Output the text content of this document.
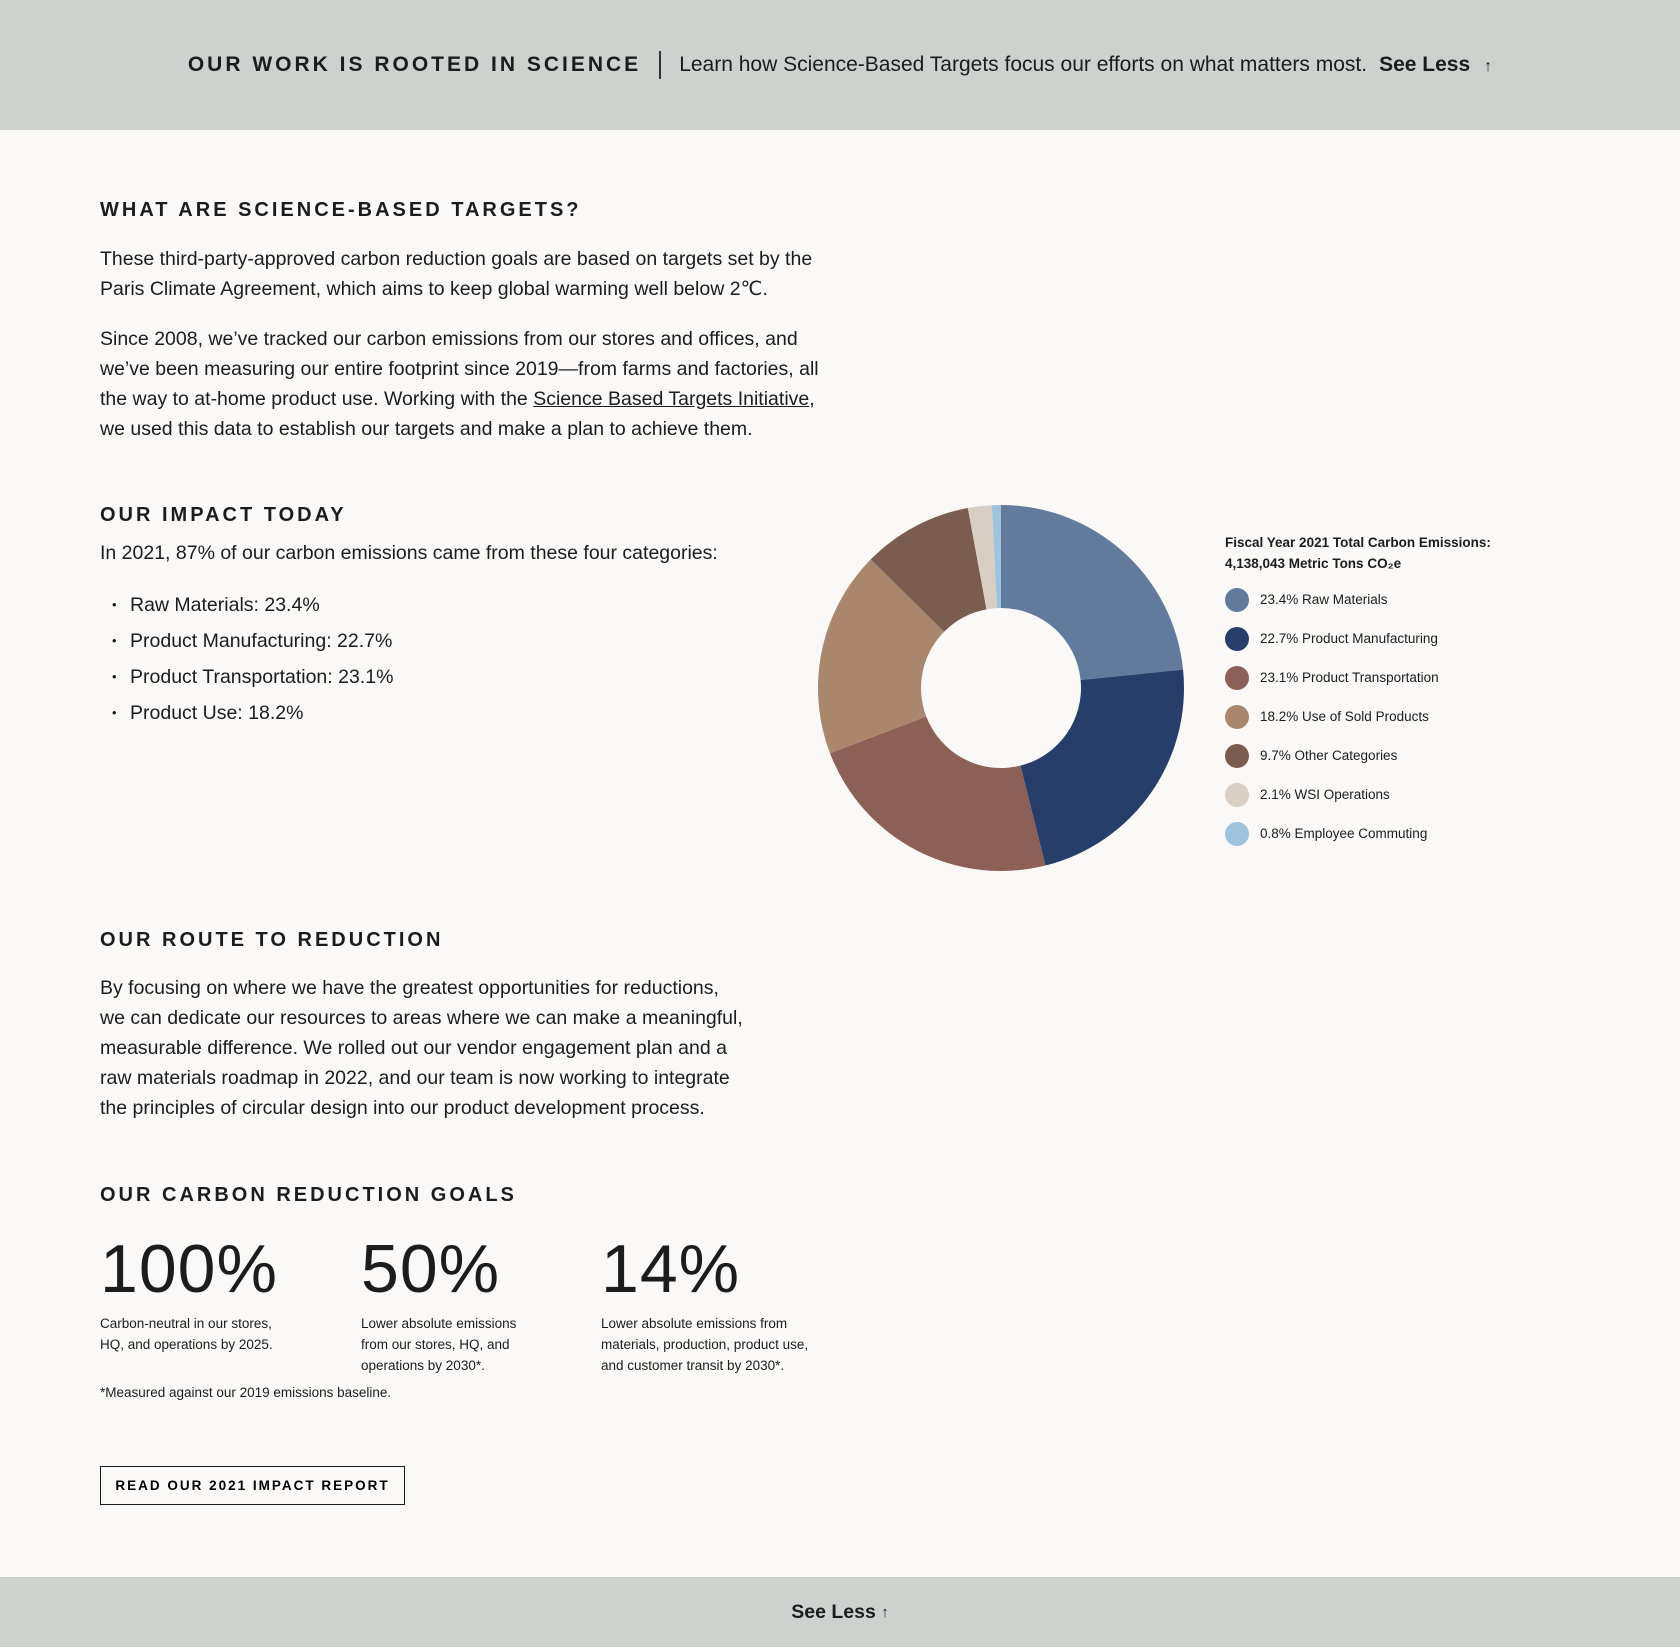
OUR WORK IS ROOTED IN SCIENCE Learn how Science-Based Targets focus our efforts on what matters most. See Less ↑
WHAT ARE SCIENCE-BASED TARGETS?

These third-party-approved carbon reduction goals are based on targets set by the
Paris Climate Agreement, which aims to keep global warming well below 2℃.

Since 2008, we’ve tracked our carbon emissions from our stores and offices, and
we’ve been measuring our entire footprint since 2019—from farms and factories, all
the way to at-home product use. Working with the Science Based Targets Initiative,
we used this data to establish our targets and make a plan to achieve them.

OUR IMPACT TODAY

In 2021, 87% of our carbon emissions came from these four categories:

• Raw Materials: 23.4%
• Product Manufacturing: 22.7%
• Product Transportation: 23.1%
• Product Use: 18.2%
Fiscal Year 2021 Total Carbon Emissions:
4,138,043 Metric Tons CO₂e
23.4% Raw Materials
22.7% Product Manufacturing
23.1% Product Transportation
18.2% Use of Sold Products
9.7% Other Categories
2.1% WSI Operations
0.8% Employee Commuting
OUR ROUTE TO REDUCTION

By focusing on where we have the greatest opportunities for reductions,
we can dedicate our resources to areas where we can make a meaningful,
measurable difference. We rolled out our vendor engagement plan and a
raw materials roadmap in 2022, and our team is now working to integrate
the principles of circular design into our product development process.

OUR CARBON REDUCTION GOALS
100%
Carbon-neutral in our stores,
HQ, and operations by 2025.
50%
Lower absolute emissions
from our stores, HQ, and
operations by 2030*.
14%
Lower absolute emissions from
materials, production, product use,
and customer transit by 2030*.
*Measured against our 2019 emissions baseline.
READ OUR 2021 IMPACT REPORT
See Less
↑
